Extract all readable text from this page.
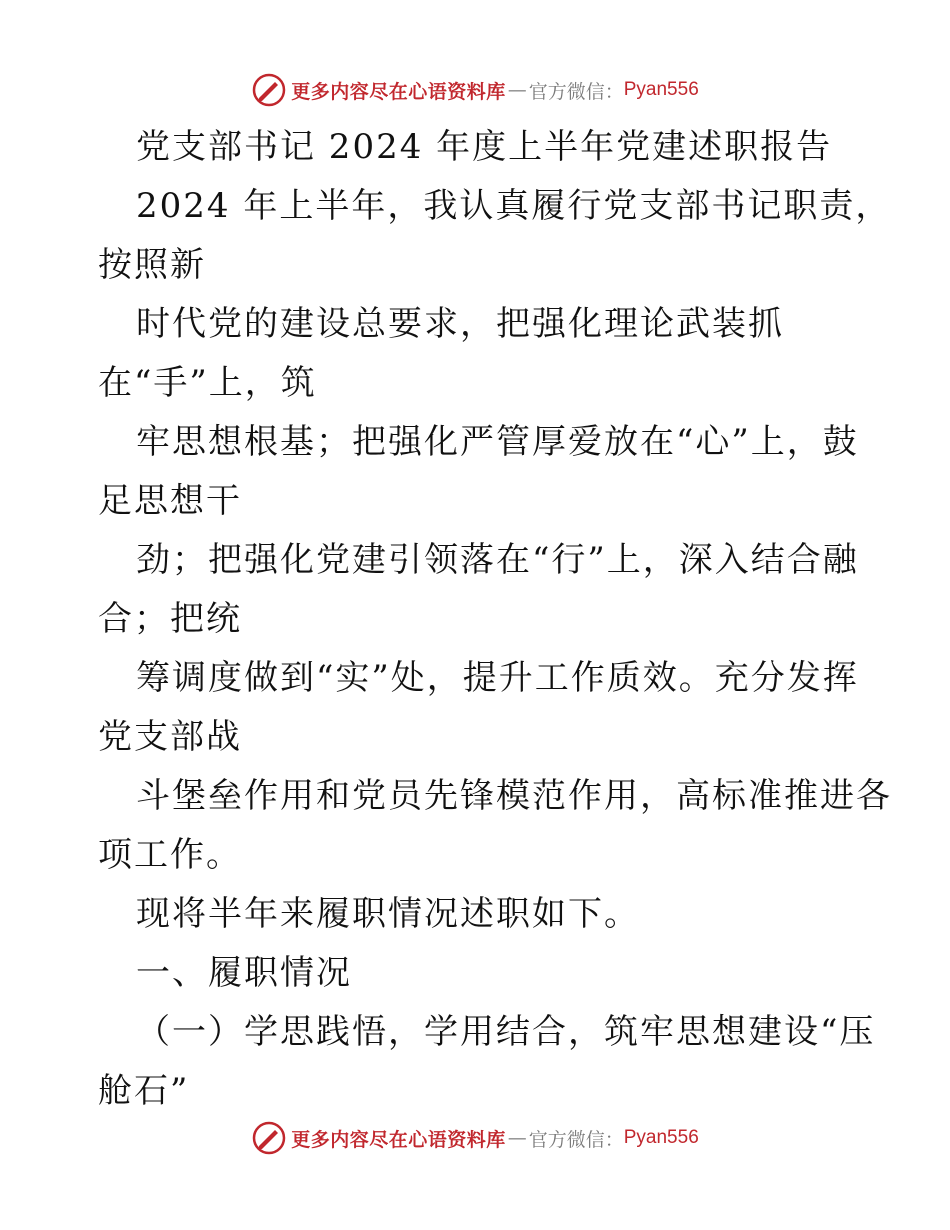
更多内容尽在心语资料库 — 官方微信： Pyan556
党支部书记 2024 年度上半年党建述职报告
2024 年上半年，我认真履行党支部书记职责，
按照新
时代党的建设总要求，把强化理论武装抓
在“手”上，筑
牢思想根基；把强化严管厚爱放在“心”上，鼓
足思想干
劲；把强化党建引领落在“行”上，深入结合融
合；把统
筹调度做到“实”处，提升工作质效。充分发挥
党支部战
斗堡垒作用和党员先锋模范作用，高标准推进各
项工作。
现将半年来履职情况述职如下。
一、履职情况
（一）学思践悟，学用结合，筑牢思想建设“压
舱石”
更多内容尽在心语资料库 — 官方微信： Pyan556
